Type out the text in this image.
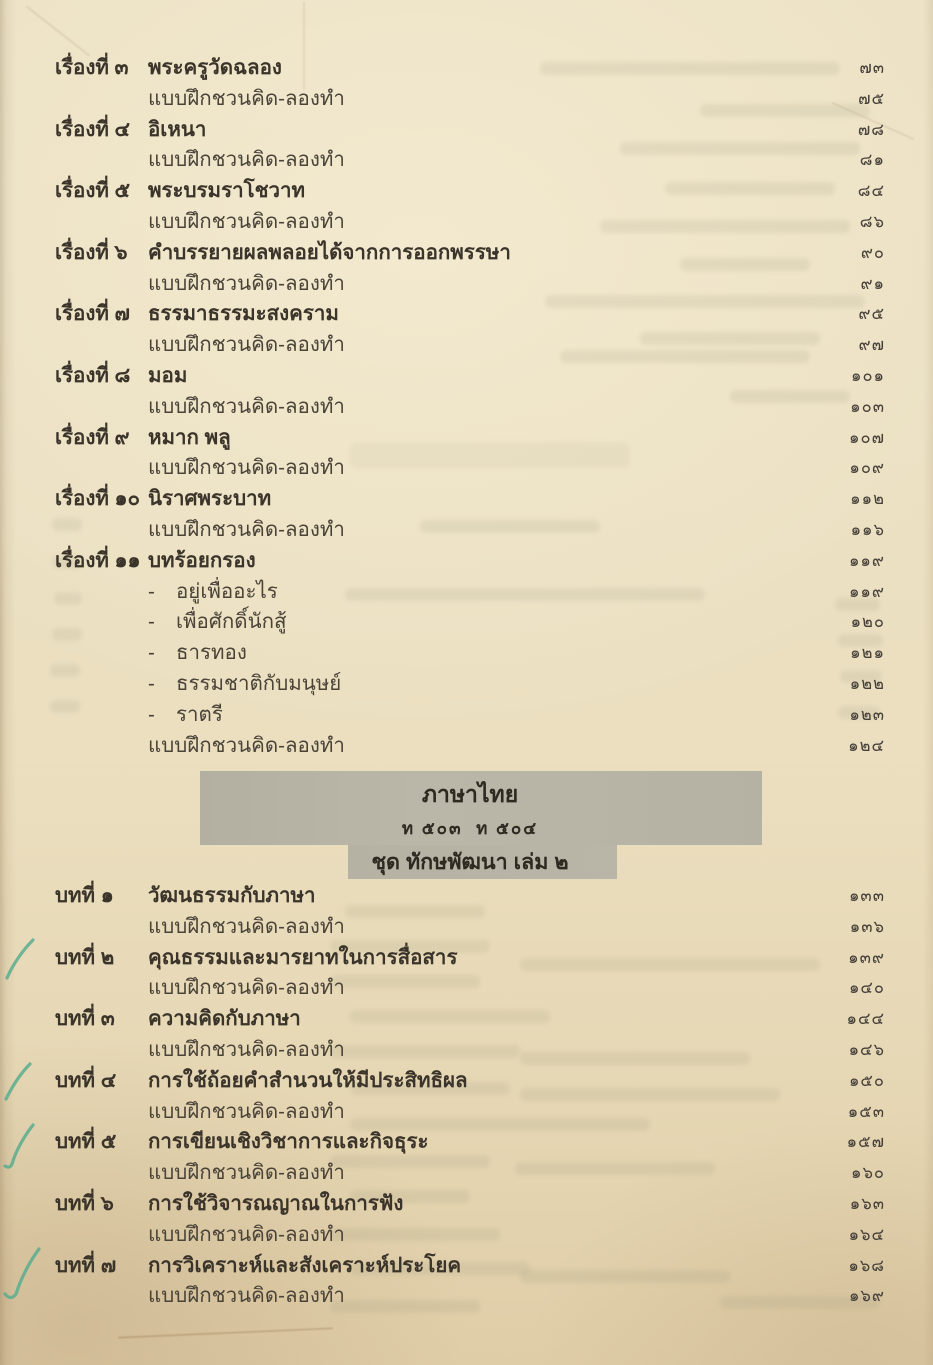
ภาษาไทย
ท ๕๐๓  ท ๕๐๔
ชุด ทักษพัฒนา เล่ม ๒
เรื่องที่ ๓ พระครูวัดฉลอง	๗๓
แบบฝึกชวนคิด-ลองทำ	๗๕
เรื่องที่ ๔ อิเหนา	๗๘
แบบฝึกชวนคิด-ลองทำ	๘๑
เรื่องที่ ๕ พระบรมราโชวาท	๘๔
แบบฝึกชวนคิด-ลองทำ	๘๖
เรื่องที่ ๖ คำบรรยายผลพลอยได้จากการออกพรรษา	๙๐
แบบฝึกชวนคิด-ลองทำ	๙๑
เรื่องที่ ๗ ธรรมาธรรมะสงคราม	๙๕
แบบฝึกชวนคิด-ลองทำ	๙๗
เรื่องที่ ๘ มอม	๑๐๑
แบบฝึกชวนคิด-ลองทำ	๑๐๓
เรื่องที่ ๙ หมาก พลู	๑๐๗
แบบฝึกชวนคิด-ลองทำ	๑๐๙
เรื่องที่ ๑๐ นิราศพระบาท	๑๑๒
แบบฝึกชวนคิด-ลองทำ	๑๑๖
เรื่องที่ ๑๑ บทร้อยกรอง	๑๑๙
-	อยู่เพื่ออะไร	๑๑๙
-	เพื่อศักดิ์นักสู้	๑๒๐
-	ธารทอง	๑๒๑
-	ธรรมชาติกับมนุษย์	๑๒๒
-	ราตรี	๑๒๓
แบบฝึกชวนคิด-ลองทำ	๑๒๔
บทที่ ๑	วัฒนธรรมกับภาษา	๑๓๓
แบบฝึกชวนคิด-ลองทำ	๑๓๖
บทที่ ๒	คุณธรรมและมารยาทในการสื่อสาร	๑๓๙
แบบฝึกชวนคิด-ลองทำ	๑๔๐
บทที่ ๓	ความคิดกับภาษา	๑๔๔
แบบฝึกชวนคิด-ลองทำ	๑๔๖
บทที่ ๔	การใช้ถ้อยคำสำนวนให้มีประสิทธิผล	๑๕๐
แบบฝึกชวนคิด-ลองทำ	๑๕๓
บทที่ ๕	การเขียนเชิงวิชาการและกิจธุระ	๑๕๗
แบบฝึกชวนคิด-ลองทำ	๑๖๐
บทที่ ๖	การใช้วิจารณญาณในการฟัง	๑๖๓
แบบฝึกชวนคิด-ลองทำ	๑๖๔
บทที่ ๗	การวิเคราะห์และสังเคราะห์ประโยค	๑๖๘
แบบฝึกชวนคิด-ลองทำ	๑๖๙
